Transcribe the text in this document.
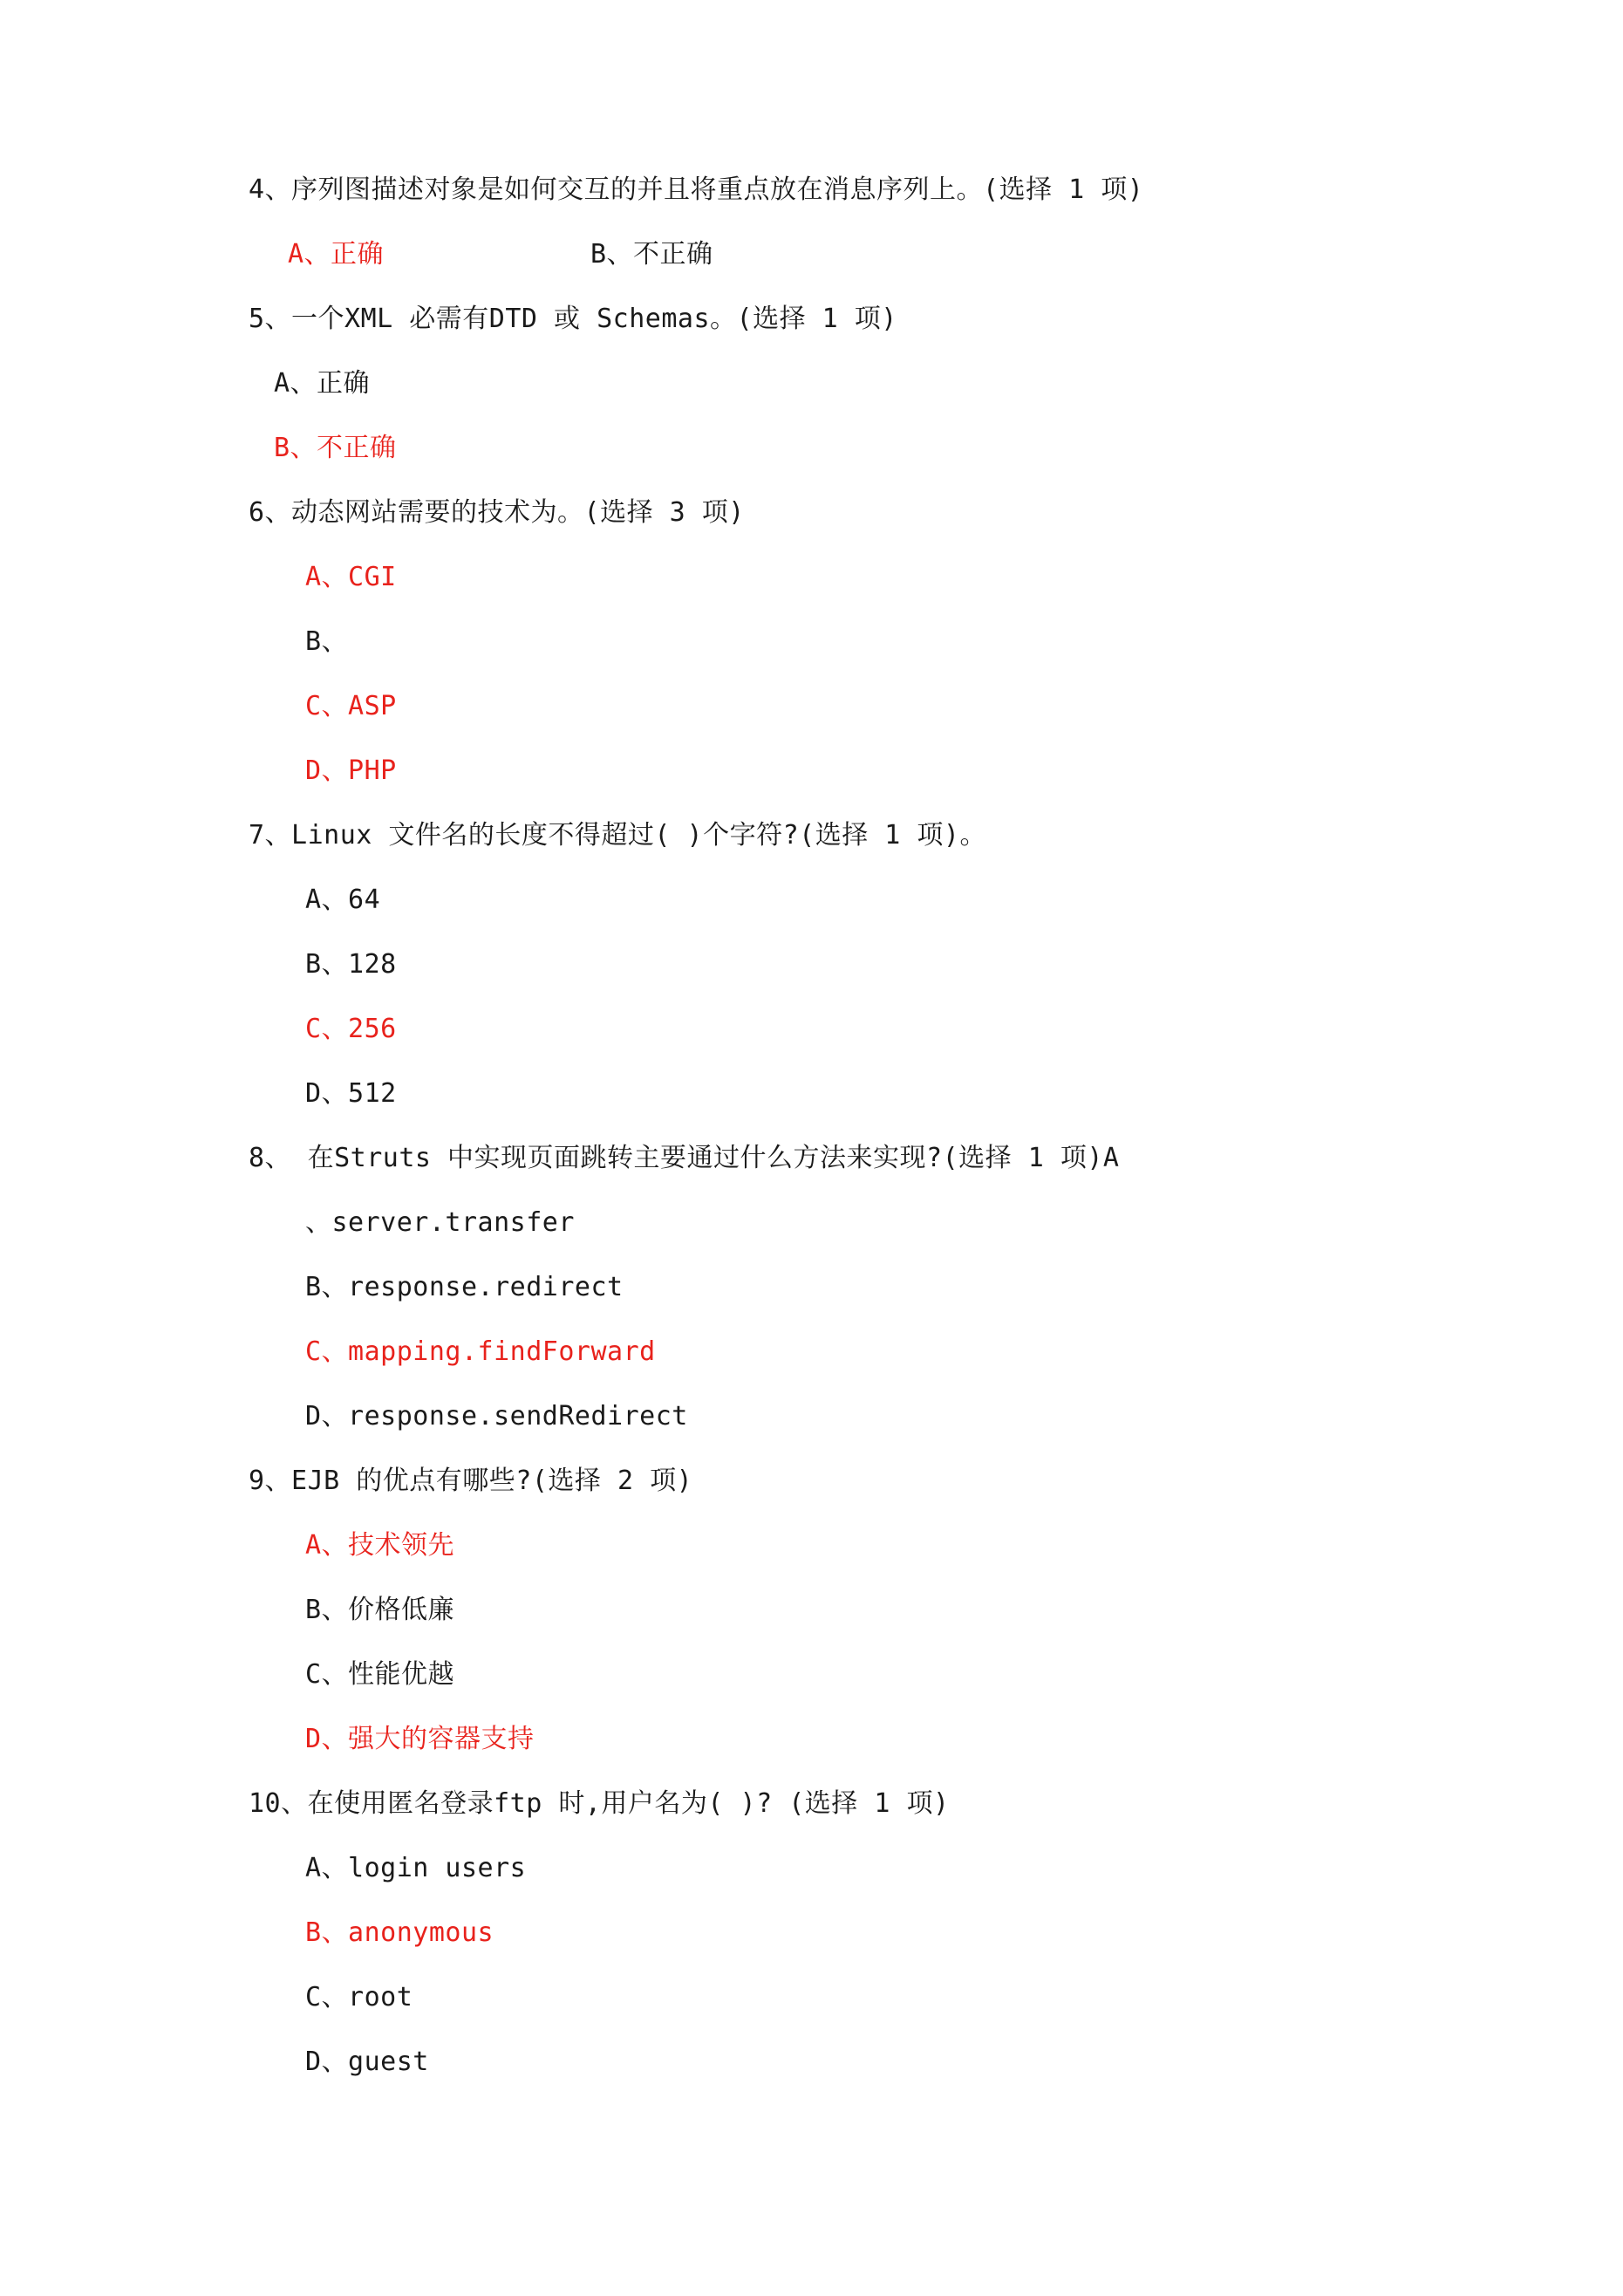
4、序列图描述对象是如何交互的并且将重点放在消息序列上。(选择 1 项)
A、正确	B、不正确
5、一个XML 必需有DTD 或 Schemas。(选择 1 项)
A、正确
B、不正确
6、动态网站需要的技术为。(选择 3 项)
A、CGI
B、
C、ASP
D、PHP
7、Linux 文件名的长度不得超过( )个字符?(选择 1 项)。
A、64
B、128
C、256
D、512
8、 在Struts 中实现页面跳转主要通过什么方法来实现?(选择 1 项)A
、server.transfer
B、response.redirect
C、mapping.findForward
D、response.sendRedirect
9、EJB 的优点有哪些?(选择 2 项)
A、技术领先
B、价格低廉
C、性能优越
D、强大的容器支持
10、在使用匿名登录ftp 时,用户名为( )? (选择 1 项)
A、login users
B、anonymous
C、root
D、guest
